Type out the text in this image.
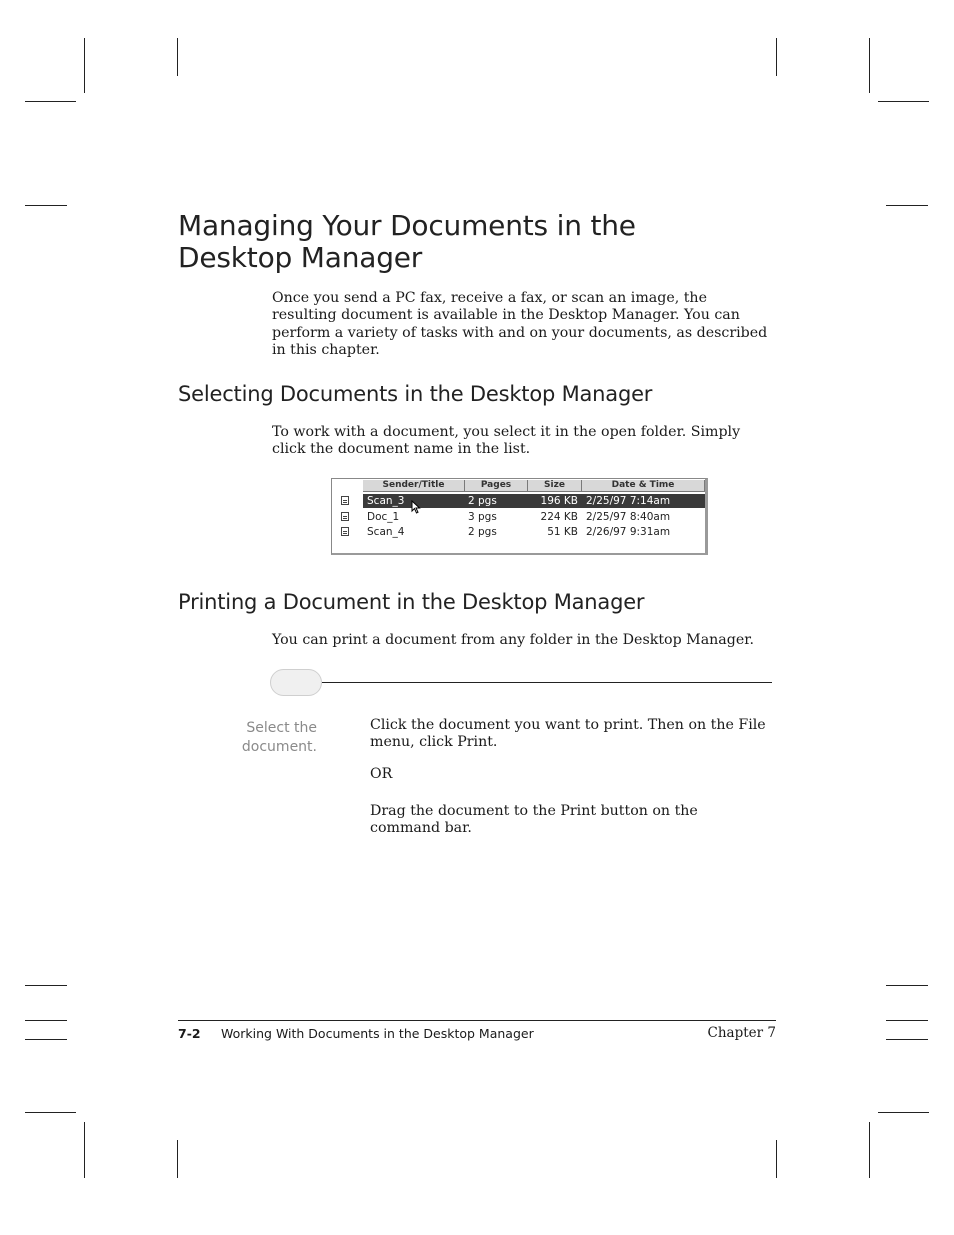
Managing Your Documents in the Desktop Manager

Once you send a PC fax, receive a fax, or scan an image, the resulting document is available in the Desktop Manager. You can perform a variety of tasks with and on your documents, as described in this chapter.

Selecting Documents in the Desktop Manager

To work with a document, you select it in the open folder. Simply click the document name in the list.

Sender/Title	Pages	Size	Date & Time
Scan_3	2 pgs	196 KB 2/25/97 7:14am
Doc_1	3 pgs	224 KB 2/25/97 8:40am
Scan_4	2 pgs	51 KB 2/26/97 9:31am
Printing a Document in the Desktop Manager

You can print a document from any folder in the Desktop Manager.

Select the document.

Click the document you want to print. Then on the File menu, click Print.

OR

Drag the document to the Print button on the command bar.

7-2 Working With Documents in the Desktop Manager	Chapter 7
